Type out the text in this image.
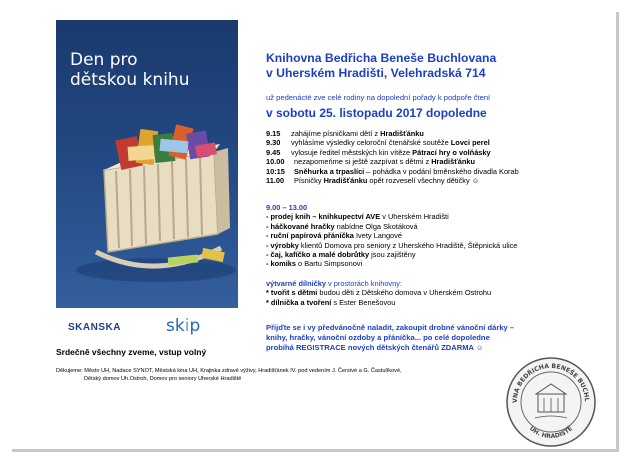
Den pro
dětskou knihu
SKANSKA	skip
Srdečně všechny zveme, vstup volný
Knihovna Bedřicha Beneše Buchlovana
v Uherském Hradišti, Velehradská 714
už pedenácté zve celé rodiny na dopolední pořady k podpoře čtení
v sobotu 25. listopadu 2017 dopoledne
9.15 zahájíme písničkami dětí z Hradišťánku
9.30 vyhlásíme výsledky celoroční čtenářské soutěže Lovci perel
9.45 vylosuje ředitel městských kin vítěze Pátrací hry o volňásky
10.00 nezapomeňme si ještě zazpívat s dětmi z Hradišťánku
10:15 Sněhurka a trpaslíci – pohádka v podání bměnského divadla Korab
11.00 Písničky Hradišťánku opět rozveselí všechny dětičky ☺
9.00 – 13.00
- prodej knih – knihkupectví AVE v Uherském Hradišti
- háčkované hračky nabídne Olga Skotáková
- ruční papírová přáníčka Ivety Langové
- výrobky klientů Domova pro seniory z Uherského Hradiště, Štěpnická ulice
- čaj, kafíčko a malé dobrůtky jsou zajištěny
- komiks o Bartu Simpsonovi
výtvarné dílničky v prostorách knihovny:
* tvořit s dětmi budou děti z Dětského domova v Uherském Ostrohu
* dílnička a tvoření s Ester Benešovou
Přijďte se i vy předvánočně naladit, zakoupit drobné vánoční dárky –
knihy, hračky, vánoční ozdoby a přáníčka... po celé dopoledne
probíhá REGISTRACE nových dětských čtenářů ZDARMA ☺
Děkujeme: Město UH, Nadace SYNOT, Městská kina UH, Krajinka zdravé výživy, Hradišťánek IV. pod vedením J. Čerstvé a G. Častulíkové,
Dětský domov Uh.Ostroh, Domov pro seniory Uherské Hradiště
VNA BEDŘICHA BENEŠE BUCHL
UH. HRADIŠTĚ
